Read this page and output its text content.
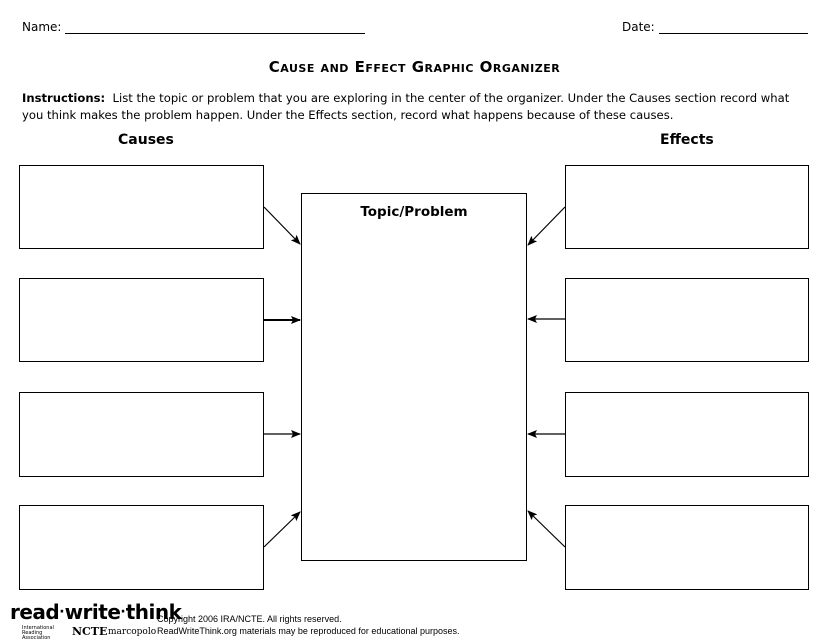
Name:	Date:
Cause and Effect Graphic Organizer
Instructions: List the topic or problem that you are exploring in the center of the organizer. Under the Causes section record what you think makes the problem happen. Under the Effects section, record what happens because of these causes.
Causes	Effects
Topic/Problem
read·write·think
International Reading Association	NCTE marcopolo
Copyright 2006 IRA/NCTE. All rights reserved.
ReadWriteThink.org materials may be reproduced for educational purposes.
